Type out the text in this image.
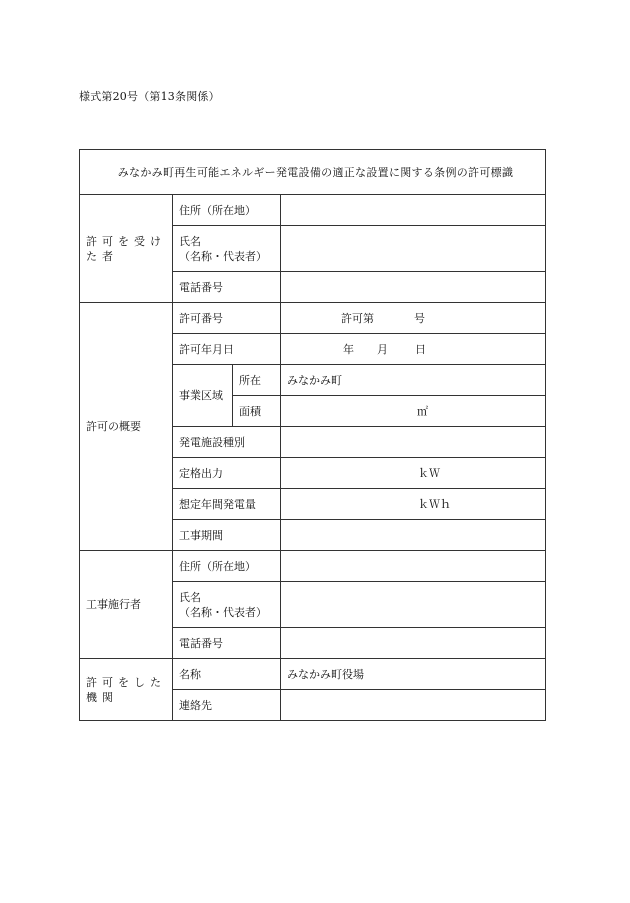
様式第20号（第13条関係）
みなかみ町再生可能エネルギー発電設備の適正な設置に関する条例の許可標識			
許可を受けた者	住所（所在地）		

	氏名
（名称・代表者）		

	電話番号		
許可の概要	許可番号		許可第 号

	許可年月日		年 月 日

	事業区域	所在	みなかみ町
		面積	㎡

	発電施設種別		
	定格出力		ｋＷ

	想定年間発電量		ｋＷｈ

	工事期間		
工事施行者	住所（所在地）		

	氏名
（名称・代表者）		

	電話番号		
許可をした機関	名称		みなかみ町役場
	連絡先		
